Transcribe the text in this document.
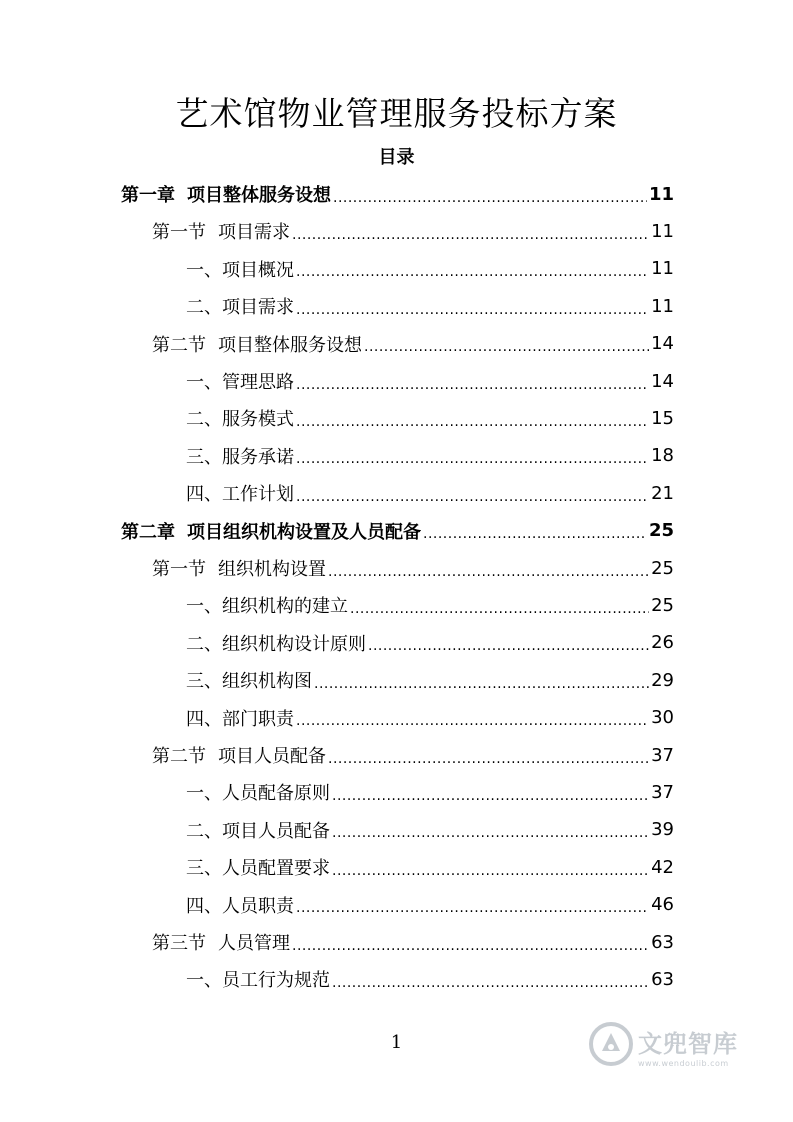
艺术馆物业管理服务投标方案
目录
第一章 项目整体服务设想 .....	11
第一节 项目需求 .....	11
一、项目概况 .....	11
二、项目需求 .....	11
第二节 项目整体服务设想 .....	14
一、管理思路 .....	14
二、服务模式 .....	15
三、服务承诺 .....	18
四、工作计划 .....	21
第二章 项目组织机构设置及人员配备 .....	25
第一节 组织机构设置 .....	25
一、组织机构的建立 .....	25
二、组织机构设计原则 .....	26
三、组织机构图 .....	29
四、部门职责 .....	30
第二节 项目人员配备 .....	37
一、人员配备原则 .....	37
二、项目人员配备 .....	39
三、人员配置要求 .....	42
四、人员职责 .....	46
第三节 人员管理 .....	63
一、员工行为规范 .....	63
1	文兜智库
www.wendoulib.com
